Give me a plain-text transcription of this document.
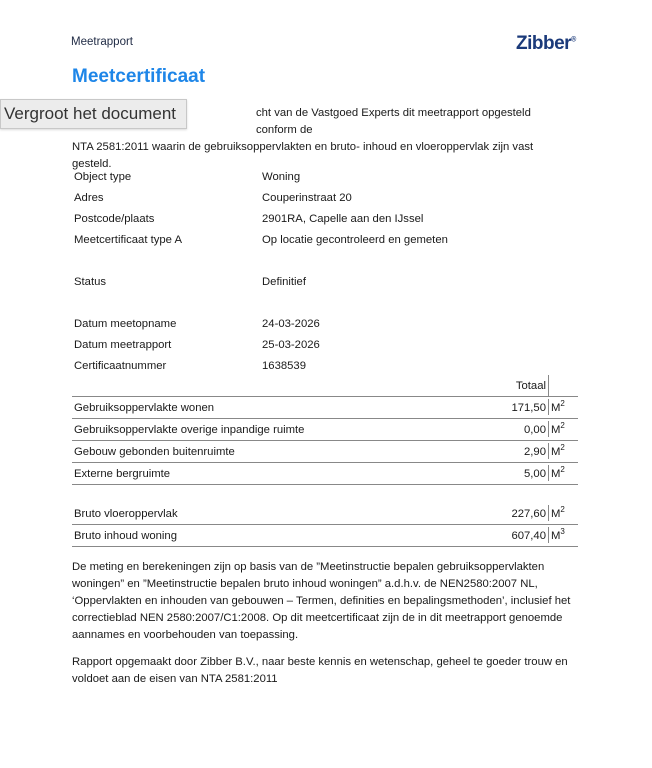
Meetrapport	Zibber®
Meetcertificaat
cht van de Vastgoed Experts dit meetrapport opgesteld conform de
NTA 2581:2011 waarin de gebruiksoppervlakten en bruto- inhoud en vloeroppervlak zijn vast
gesteld.
Vergroot het document
Object type	Woning
Adres	Couperinstraat 20
Postcode/plaats	2901RA, Capelle aan den IJssel
Meetcertificaat type A	Op locatie gecontroleerd en gemeten
Status	Definitief
Datum meetopname	24-03-2026
Datum meetrapport	25-03-2026
Certificaatnummer	1638539
Totaal
Gebruiksoppervlakte wonen	171,50 $M^2$
Gebruiksoppervlakte overige inpandige ruimte	0,00 $M^2$
Gebouw gebonden buitenruimte	2,90 $M^2$
Externe bergruimte	5,00 $M^2$
Bruto vloeroppervlak	227,60 $M^2$
Bruto inhoud woning	607,40 $M^3$
De meting en berekeningen zijn op basis van de ”Meetinstructie bepalen gebruiksoppervlakten woningen” en ”Meetinstructie bepalen bruto inhoud woningen” a.d.h.v. de NEN2580:2007 NL, ‘Oppervlakten en inhouden van gebouwen – Termen, definities en bepalingsmethoden’, inclusief het correctieblad NEN 2580:2007/C1:2008. Op dit meetcertificaat zijn de in dit meetrapport genoemde aannames en voorbehouden van toepassing.
Rapport opgemaakt door Zibber B.V., naar beste kennis en wetenschap, geheel te goeder trouw en voldoet aan de eisen van NTA 2581:2011
